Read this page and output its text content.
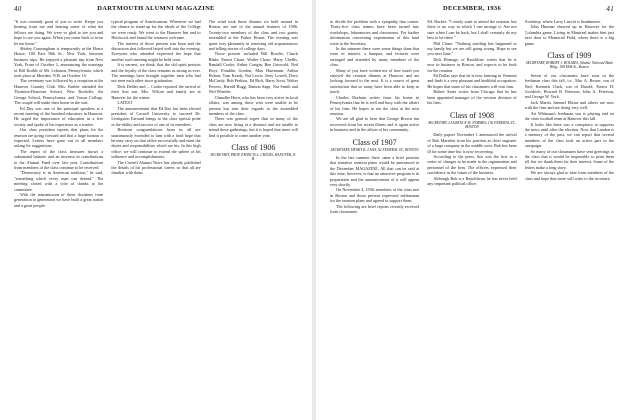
40	DARTMOUTH ALUMNI MAGAZINE

"It was certainly good of you to write. Keeps you hearing from me and hearing some of what the fellows are doing. We were so glad to see you and hope to see you again. When you come back to town let me know."

Shirley Cunningham is temporarily at the Harris House, 100 East 50th St., New York, between business trips. He enjoyed a pleasant trip from New York, Front of October 2, announcing the marriage of Bill Knible of Mt. Lebanon, Pennsylvania, which took place at Meriden, N.H. on October 16.

The ceremony was followed by a reception at the Hanover Country Club. Mrs. Knible attended the Thornton-Donovan School, New Rochelle, the George School, Pennsylvania, and Vassar College. The couple will make their home in the east.

Ed Day was one of the principal speakers at a recent meeting of the hundred educators in Hanover. He urged the importance of education in a free society and spoke of his experience as a trustee.

Our class president reports that plans for the reunion are going forward and that a large turnout is expected. Letters have gone out to all members asking for suggestions.

The report of the class treasurer shows a substantial balance and an increase in contributions to the Alumni Fund over last year. Contributions from members of the class continue to be received.

"Democracy is in American tradition," he said, "something which every man can defend." The meeting closed with a vote of thanks to the committee.

With the transmission of these doctrines from generation to generation we have built a great nation and a great people.

typical program of Americanism. Whenever we had the chance to stand up for the ideals of the College we were ready. We went to the Hanover Inn and to Hitchcock and found the warmest welcome.

The interest of those present was keen and the discussion that followed lasted well into the evening. Everyone who attended expressed the hope that another such meeting might be held soon.

It is earnest, we think, that the old spirit persists and the loyalty of the class remains as strong as ever. The meetings have brought together men who had not seen each other since graduation.

Dick Dehler and ... Cooke reported the arrival of their first son. Mrs. Wilson and family are at Hanover for the winter.

LATEST

The announcement that Ed Day has been elected president of Cornell University to succeed Dr. Livingston Farrand brings to the class special pride in the ability and success of one of its members.

Horrison congratulations from us all are unanimously extended to him with a fond hope that he may carry on that office successfully and meet the duties and responsibilities which are his. In this high office, we will continue to extend the sphere of his influence and accomplishments.

The Cornell Alumni News has already published the details of his professional career, so that all are familiar with them.

The wind took those dinners we held around in Boston are one of the annual features of 1906. Twenty-two members of the class and two guests assembled at the Parker House. The evening was spent very pleasantly in renewing old acquaintances and telling stories of college days.

Those present included Bill Bowler, Chuck Blake, Ernest Chase, Walter Chase, Harry Chellis, Randall Cooke, Arthur Craigin, Ben Griswold, Ned Hoyt, Franklin Gordon, Max Hartmann, Arthur Hobart, Tom Keady, Nat Lewis, Jerry Lowell, Dave McCurdy, Bob Perkins, Ed Rich, Harry Scott, Walter Powers, Harold Rugg, Damon Sage, Nat Smith and Ned Wheeler.

Chandler Horn, who has been very active in local affairs, was among those who were unable to be present but sent their regards to the assembled members of the class.

There was general regret that so many of the class are now living at a distance and are unable to attend these gatherings, but it is hoped that more will find it possible to come another year.

Class of 1906
SECRETARY, PROF. FRANCIS L. CHILDS, HANOVER, N. H.
DECEMBER, 1936	41

to decide the problem with a sympathy that counts. Thirty-five class names have been turned into workshops, laboratories and classrooms. For further information concerning experiments of this kind write to the Secretary.

In the summer there were some things done that were of interest, a banquet, and lectures were arranged and attended by many members of the class.

Many of you have written me of how much you enjoyed the reunion dinners at Hanover and are looking forward to the next. It is a source of great satisfaction that so many have been able to keep in touch.

Charles Durham writes from his home in Pennsylvania that he is well and busy with the affairs of his firm. He hopes to see the class at the next reunion.

We are all glad to hear that George Brown has recovered from his recent illness and is again active in business and in the affairs of his community.

Class of 1907
SECRETARY, HENRY K. LAWS, 82 FEDERAL ST., BOSTON

In the late summer there came a brief promise that tentative reunion plans would be announced in the December MAGAZINE. All that can be said at this time, however, is that an attractive program is in preparation and the announcement of it will appear very shortly.

On November 4, 1936, members of the class met in Boston and those present expressed enthusiasm for the reunion plans and agreed to support them.

The following are brief reports recently received from classmates.

Ed. Backer: "I surely want to attend the reunion, but there is no way in which I can arrange it. Am not sure when I can be back, but I shall certainly do my best to be there."

Phil Chase: "Nothing startling has happened in my family but we are still going strong. Hope to see you next June."

Dick Homage, of Brookline, writes that he is now in business in Boston, and expects to be back for the reunion.

Ed Dallas says that he is now farming in Vermont and finds it a very pleasant and healthful occupation. He hopes that some of his classmates will visit him.

Robert Ames writes from Chicago that he has been appointed manager of the western division of his firm.

Class of 1908
SECRETARY, LAURENCE M. SYMMES, 136 FEDERAL ST., BOSTON

Daily papers November 1 announced the arrival of Bob Marsden from his position as chief engineer of a large company in the middle west. Bob has been ill for some time but is now recovering.

According to the press, this was the first in a series of changes to be made in the organization and personnel of the firm. The officers expressed their confidence in the future of the business.

Although Bob is a Republican, he has never held any important political office.

Academy, where Larry Leavitt is headmaster.

John Hinman showed up in Hanover for the Columbia game. Living in Montreal makes him just next door to Memorial Field, where there is a big game.

Class of 1909
SECRETARY, ROBERT J. HOLMES, Atlantic National Bank Bldg., 108 Milk St., Boston

Seven of our classmates have sons in the freshman class this fall, i.e., Mac A. Bower, son of Ned; Kenneth Clark, son of Harold; Ernest H. Goodrich, Howard B. Peterson, John A. Peterson, and George W. York.

Jack Marsh, Samuel Elkins and others are now with the firm and are doing very well.

Art Whitman's freshman son is playing end on the class football team at Hanover this fall.

It looks like there was a conspiracy to suppress the news until after the election. Now that Landon is a memory of the past, we can report that several members of the class took an active part in the campaign.

So many of our classmates have sent greetings to the class that it would be impossible to print them all, but we thank them for their interest. Some of the letters make a long story.

We are always glad to hear from members of the class and hope that more will write to the secretary.
